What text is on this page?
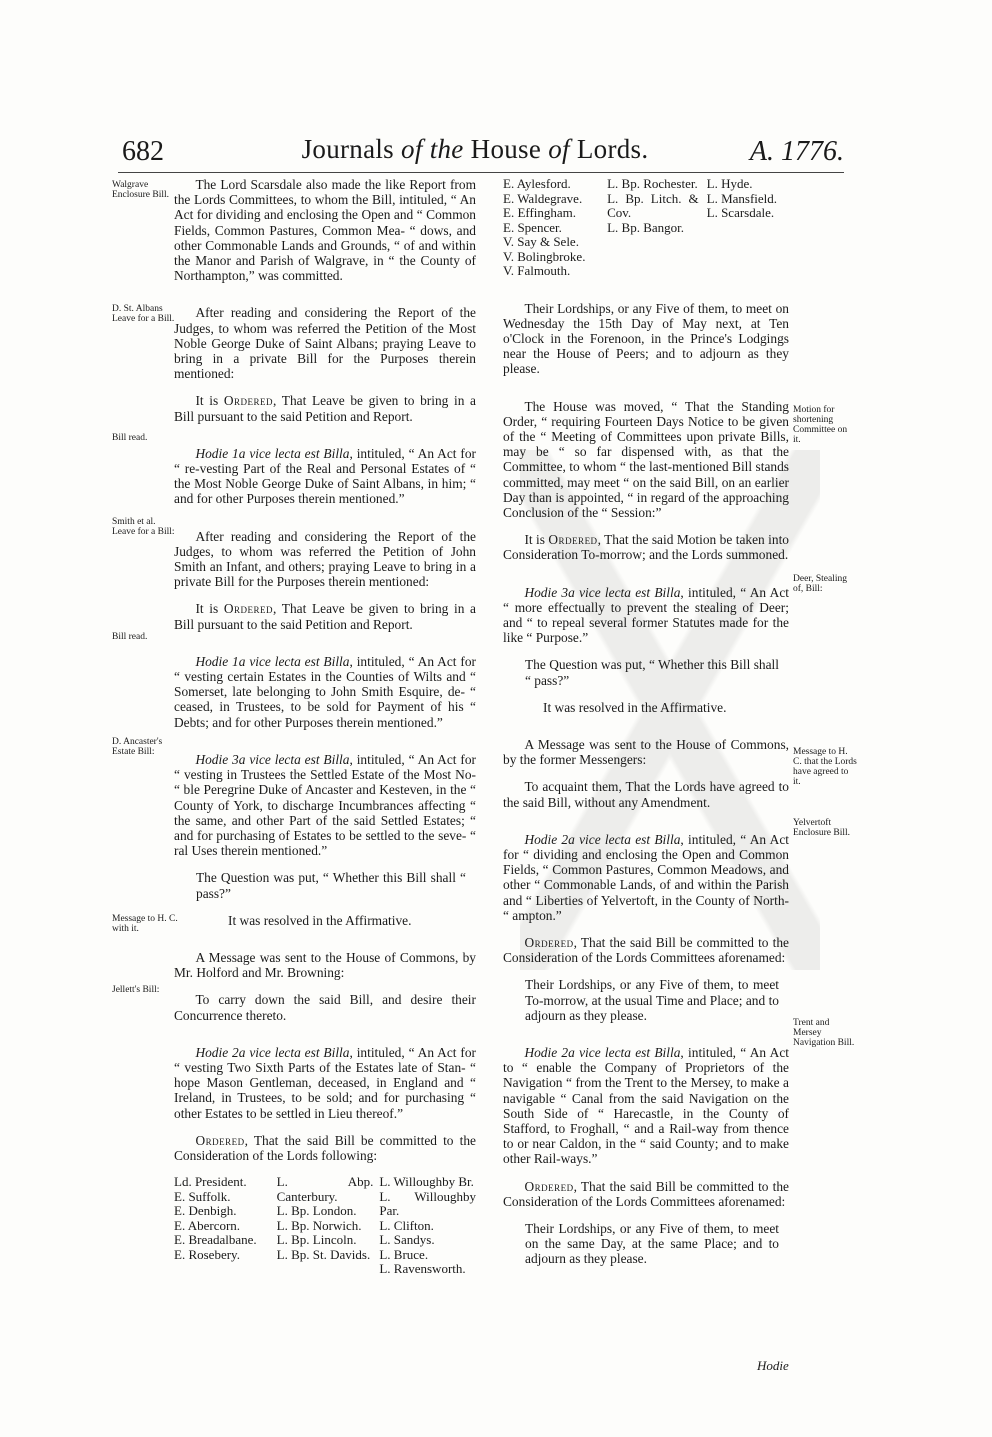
682	Journals of the House of Lords.	A. 1776.
Walgrave Enclosure Bill.
D. St. Albans Leave for a Bill.
Bill read.
Smith et al. Leave for a Bill:
Bill read.
D. Ancaster's Estate Bill:
Message to H. C. with it.
Jellett's Bill:
Motion for shortening Committee on it.
Deer, Stealing of, Bill:
Message to H. C. that the Lords have agreed to it.
Yelvertoft Enclosure Bill.
Trent and Mersey Navigation Bill.

The Lord Scarsdale also made the like Report from the Lords Committees, to whom the Bill, intituled, “ An Act for dividing and enclosing the Open and “ Common Fields, Common Pastures, Common Mea- “ dows, and other Commonable Lands and Grounds, “ of and within the Manor and Parish of Walgrave, in “ the County of Northampton,” was committed.

After reading and considering the Report of the Judges, to whom was referred the Petition of the Most Noble George Duke of Saint Albans; praying Leave to bring in a private Bill for the Purposes therein mentioned:

It is Ordered, That Leave be given to bring in a Bill pursuant to the said Petition and Report.

Hodie 1a vice lecta est Billa, intituled, “ An Act for “ re-vesting Part of the Real and Personal Estates of “ the Most Noble George Duke of Saint Albans, in him; “ and for other Purposes therein mentioned.”

After reading and considering the Report of the Judges, to whom was referred the Petition of John Smith an Infant, and others; praying Leave to bring in a private Bill for the Purposes therein mentioned:

It is Ordered, That Leave be given to bring in a Bill pursuant to the said Petition and Report.

Hodie 1a vice lecta est Billa, intituled, “ An Act for “ vesting certain Estates in the Counties of Wilts and “ Somerset, late belonging to John Smith Esquire, de- “ ceased, in Trustees, to be sold for Payment of his “ Debts; and for other Purposes therein mentioned.”

Hodie 3a vice lecta est Billa, intituled, “ An Act for “ vesting in Trustees the Settled Estate of the Most No- “ ble Peregrine Duke of Ancaster and Kesteven, in the “ County of York, to discharge Incumbrances affecting “ the same, and other Part of the said Settled Estates; “ and for purchasing of Estates to be settled to the seve- “ ral Uses therein mentioned.”

The Question was put, “ Whether this Bill shall “ pass?”

It was resolved in the Affirmative.

A Message was sent to the House of Commons, by Mr. Holford and Mr. Browning:

To carry down the said Bill, and desire their Concurrence thereto.

Hodie 2a vice lecta est Billa, intituled, “ An Act for “ vesting Two Sixth Parts of the Estates late of Stan- “ hope Mason Gentleman, deceased, in England and “ Ireland, in Trustees, to be sold; and for purchasing “ other Estates to be settled in Lieu thereof.”

Ordered, That the said Bill be committed to the Consideration of the Lords following:

Ld. President.
E. Suffolk.
E. Denbigh.
E. Abercorn.
E. Breadalbane.
E. Rosebery.
L. Abp. Canterbury.
L. Bp. London.
L. Bp. Norwich.
L. Bp. Lincoln.
L. Bp. St. Davids.
L. Willoughby Br.
L. Willoughby Par.
L. Clifton.
L. Sandys.
L. Bruce.
L. Ravensworth.
E. Aylesford.
E. Waldegrave.
E. Effingham.
E. Spencer.
V. Say & Sele.
V. Bolingbroke.
V. Falmouth.
L. Bp. Rochester.
L. Bp. Litch. & Cov.
L. Bp. Bangor.
L. Hyde.
L. Mansfield.
L. Scarsdale.

Their Lordships, or any Five of them, to meet on Wednesday the 15th Day of May next, at Ten o'Clock in the Forenoon, in the Prince's Lodgings near the House of Peers; and to adjourn as they please.

The House was moved, “ That the Standing Order, “ requiring Fourteen Days Notice to be given of the “ Meeting of Committees upon private Bills, may be “ so far dispensed with, as that the Committee, to whom “ the last-mentioned Bill stands committed, may meet “ on the said Bill, on an earlier Day than is appointed, “ in regard of the approaching Conclusion of the “ Session:”

It is Ordered, That the said Motion be taken into Consideration To-morrow; and the Lords summoned.

Hodie 3a vice lecta est Billa, intituled, “ An Act “ more effectually to prevent the stealing of Deer; and “ to repeal several former Statutes made for the like “ Purpose.”

The Question was put, “ Whether this Bill shall “ pass?”

It was resolved in the Affirmative.

A Message was sent to the House of Commons, by the former Messengers:

To acquaint them, That the Lords have agreed to the said Bill, without any Amendment.

Hodie 2a vice lecta est Billa, intituled, “ An Act for “ dividing and enclosing the Open and Common Fields, “ Common Pastures, Common Meadows, and other “ Commonable Lands, of and within the Parish and “ Liberties of Yelvertoft, in the County of North- “ ampton.”

Ordered, That the said Bill be committed to the Consideration of the Lords Committees aforenamed:

Their Lordships, or any Five of them, to meet To-morrow, at the usual Time and Place; and to adjourn as they please.

Hodie 2a vice lecta est Billa, intituled, “ An Act to “ enable the Company of Proprietors of the Navigation “ from the Trent to the Mersey, to make a navigable “ Canal from the said Navigation on the South Side of “ Harecastle, in the County of Stafford, to Froghall, “ and a Rail-way from thence to or near Caldon, in the “ said County; and to make other Rail-ways.”

Ordered, That the said Bill be committed to the Consideration of the Lords Committees aforenamed:

Their Lordships, or any Five of them, to meet on the same Day, at the same Place; and to adjourn as they please.

Hodie
